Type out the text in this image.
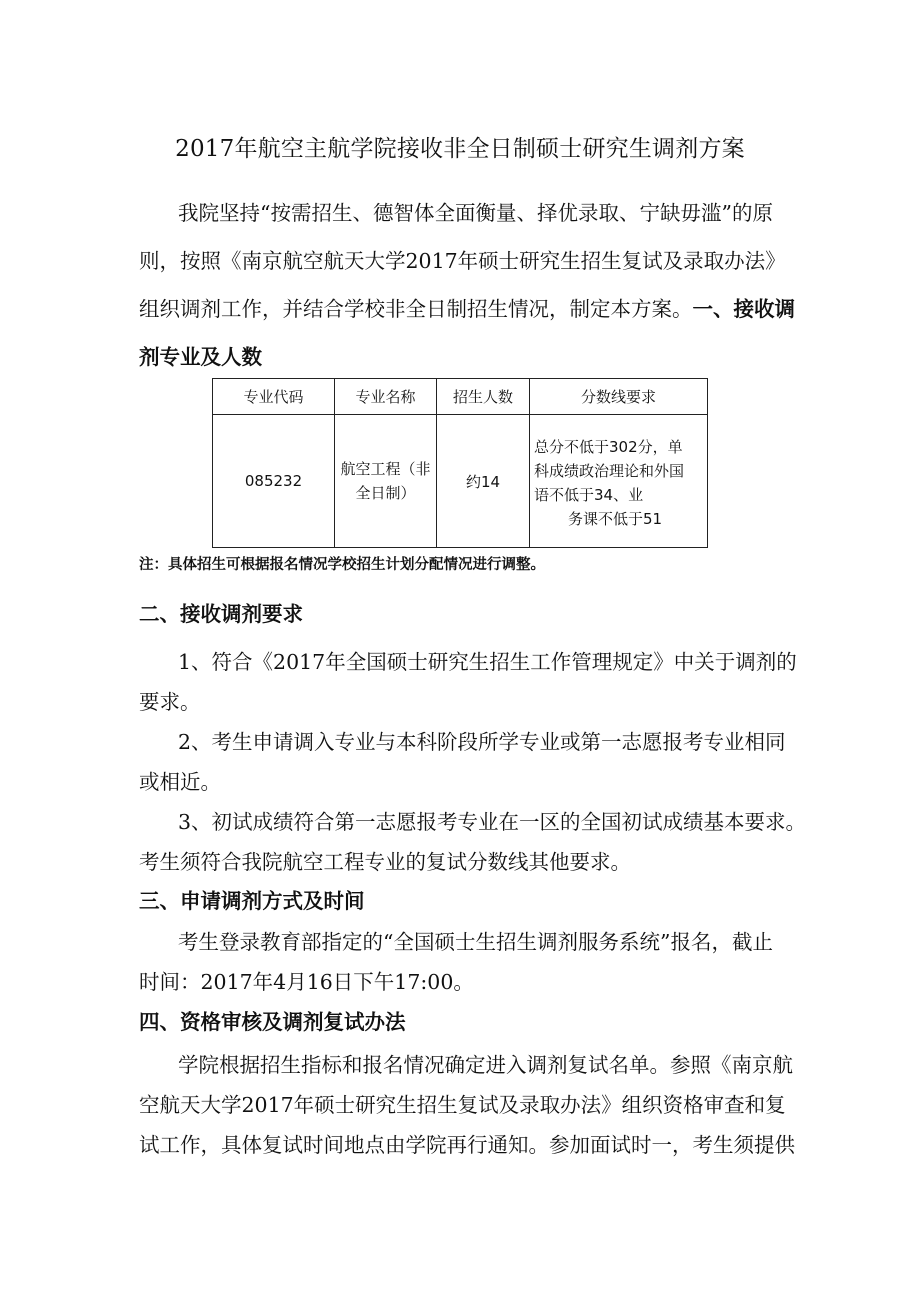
2017年航空主航学院接收非全日制硕士研究生调剂方案
我院坚持“按需招生、德智体全面衡量、择优录取、宁缺毋滥”的原
则，按照《南京航空航天大学2017年硕士研究生招生复试及录取办法》
组织调剂工作，并结合学校非全日制招生情况，制定本方案。一、接收调
剂专业及人数
专业代码	专业名称 招生人数	分数线要求
085232
航空工程（非
全日制）
约14
总分不低于302分，单
科成绩政治理论和外国
语不低于34、业
务课不低于51
注：具体招生可根据报名情况学校招生计划分配情况进行调整。
二、接收调剂要求
1、符合《2017年全国硕士研究生招生工作管理规定》中关于调剂的
要求。
2、考生申请调入专业与本科阶段所学专业或第一志愿报考专业相同
或相近。
3、初试成绩符合第一志愿报考专业在一区的全国初试成绩基本要求。
考生须符合我院航空工程专业的复试分数线其他要求。
三、申请调剂方式及时间
考生登录教育部指定的“全国硕士生招生调剂服务系统”报名，截止
时间：2017年4月16日下午17:00。
四、资格审核及调剂复试办法
学院根据招生指标和报名情况确定进入调剂复试名单。参照《南京航
空航天大学2017年硕士研究生招生复试及录取办法》组织资格审查和复
试工作，具体复试时间地点由学院再行通知。参加面试时一，考生须提供
